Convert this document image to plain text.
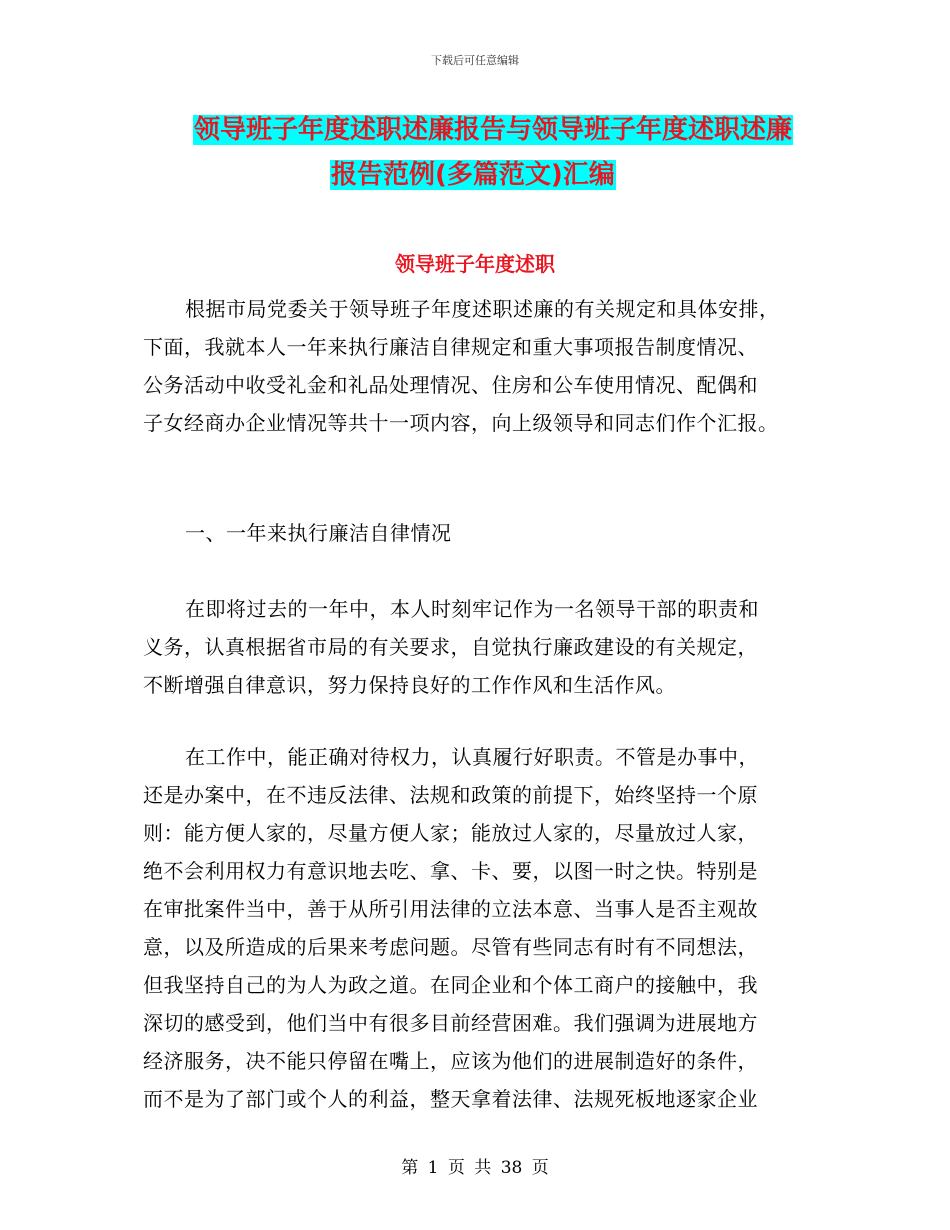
下载后可任意编辑
领导班子年度述职述廉报告与领导班子年度述职述廉
报告范例(多篇范文)汇编
领导班子年度述职
根据市局党委关于领导班子年度述职述廉的有关规定和具体安排，
下面，我就本人一年来执行廉洁自律规定和重大事项报告制度情况、
公务活动中收受礼金和礼品处理情况、住房和公车使用情况、配偶和
子女经商办企业情况等共十一项内容，向上级领导和同志们作个汇报。
一、一年来执行廉洁自律情况
在即将过去的一年中，本人时刻牢记作为一名领导干部的职责和
义务，认真根据省市局的有关要求，自觉执行廉政建设的有关规定，
不断增强自律意识，努力保持良好的工作作风和生活作风。
在工作中，能正确对待权力，认真履行好职责。不管是办事中，
还是办案中，在不违反法律、法规和政策的前提下，始终坚持一个原
则：能方便人家的，尽量方便人家；能放过人家的，尽量放过人家，
绝不会利用权力有意识地去吃、拿、卡、要，以图一时之快。特别是
在审批案件当中，善于从所引用法律的立法本意、当事人是否主观故
意，以及所造成的后果来考虑问题。尽管有些同志有时有不同想法，
但我坚持自己的为人为政之道。在同企业和个体工商户的接触中，我
深切的感受到，他们当中有很多目前经营困难。我们强调为进展地方
经济服务，决不能只停留在嘴上，应该为他们的进展制造好的条件，
而不是为了部门或个人的利益，整天拿着法律、法规死板地逐家企业
第 1 页 共 38 页
